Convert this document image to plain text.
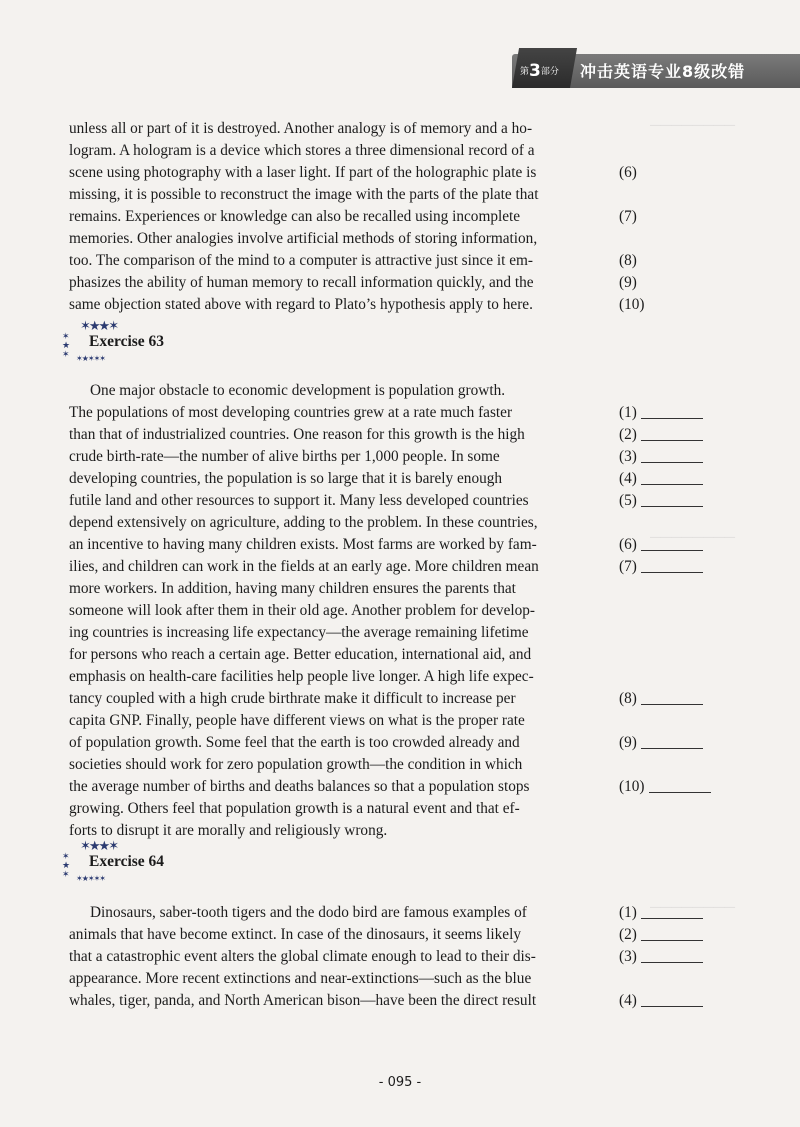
────────
────────
────────
第3部分 冲击英语专业8级改错
unless all or part of it is destroyed. Another analogy is of memory and a ho-
logram. A hologram is a device which stores a three dimensional record of a
scene using photography with a laser light. If part of the holographic plate is
missing, it is possible to reconstruct the image with the parts of the plate that
remains. Experiences or knowledge can also be recalled using incomplete
memories. Other analogies involve artificial methods of storing information,
too. The comparison of the mind to a computer is attractive just since it em-
phasizes the ability of human memory to recall information quickly, and the
same objection stated above with regard to Plato’s hypothesis apply to here.
(6)
(7)
(8)
(9)
(10)
✶★★✶
✶
★
✶ ✶★✶✶✶
Exercise 63
One major obstacle to economic development is population growth.
The populations of most developing countries grew at a rate much faster
than that of industrialized countries. One reason for this growth is the high
crude birth-rate—the number of alive births per 1,000 people. In some
developing countries, the population is so large that it is barely enough
futile land and other resources to support it. Many less developed countries
depend extensively on agriculture, adding to the problem. In these countries,
an incentive to having many children exists. Most farms are worked by fam-
ilies, and children can work in the fields at an early age. More children mean
more workers. In addition, having many children ensures the parents that
someone will look after them in their old age. Another problem for develop-
ing countries is increasing life expectancy—the average remaining lifetime
for persons who reach a certain age. Better education, international aid, and
emphasis on health-care facilities help people live longer. A high life expec-
tancy coupled with a high crude birthrate make it difficult to increase per
capita GNP. Finally, people have different views on what is the proper rate
of population growth. Some feel that the earth is too crowded already and
societies should work for zero population growth—the condition in which
the average number of births and deaths balances so that a population stops
growing. Others feel that population growth is a natural event and that ef-
forts to disrupt it are morally and religiously wrong.
(1)
(2)
(3)
(4)
(5)
(6)
(7)
(8)
(9)
(10)
✶★★✶
✶
★
✶ ✶★✶✶✶
Exercise 64
Dinosaurs, saber-tooth tigers and the dodo bird are famous examples of
animals that have become extinct. In case of the dinosaurs, it seems likely
that a catastrophic event alters the global climate enough to lead to their dis-
appearance. More recent extinctions and near-extinctions—such as the blue
whales, tiger, panda, and North American bison—have been the direct result
(1)
(2)
(3)
(4)
- 095 -
